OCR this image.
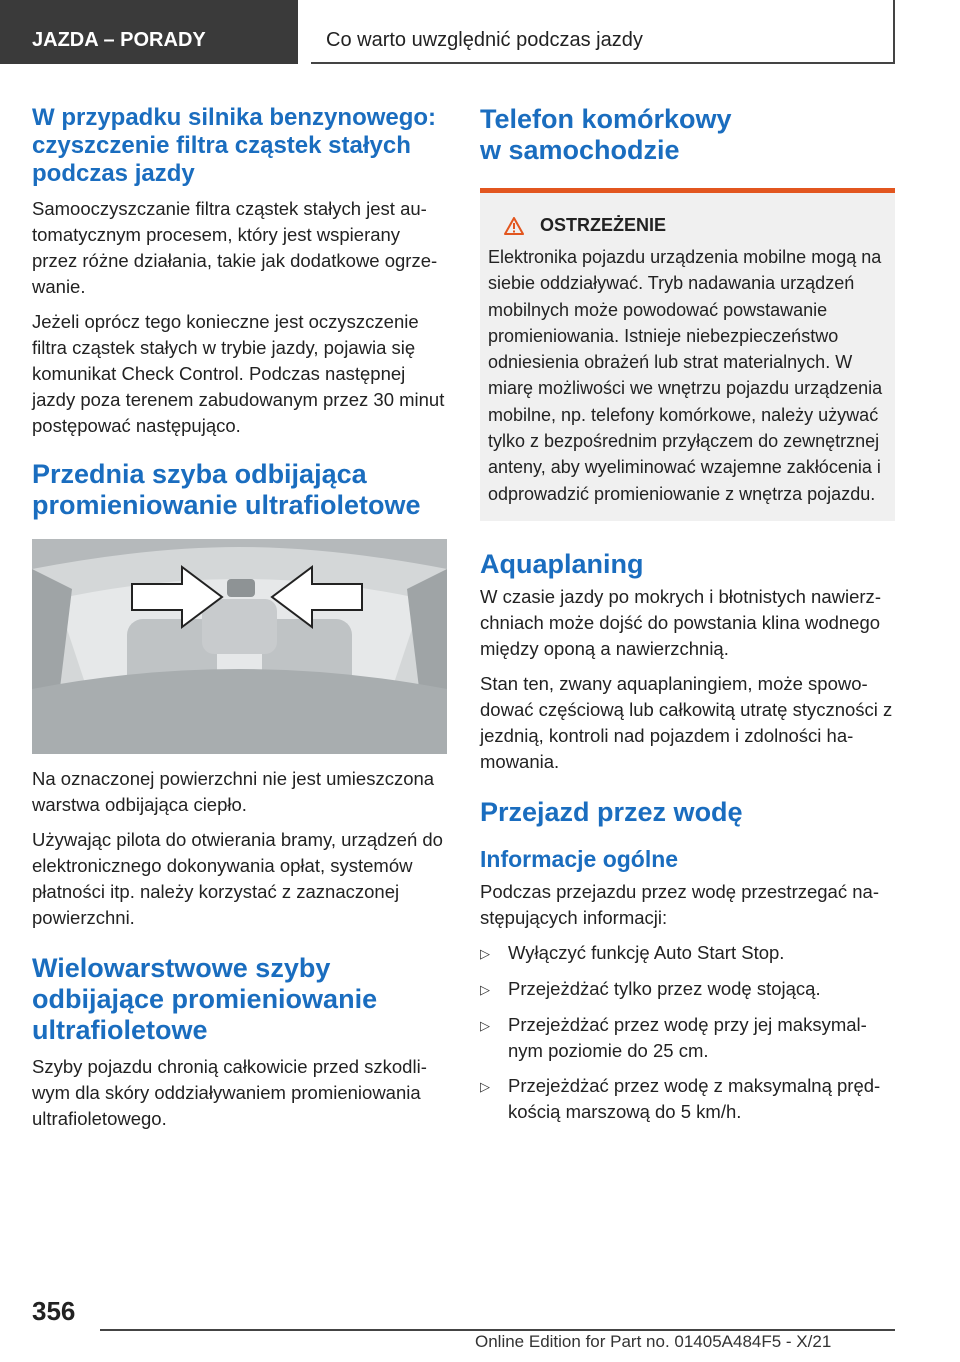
JAZDA – PORADY	Co warto uwzględnić podczas jazdy
W przypadku silnika benzynowego: czyszczenie filtra cząstek stałych podczas jazdy

Samooczyszczanie filtra cząstek stałych jest automatycznym procesem, który jest wspierany przez różne działania, takie jak dodatkowe ogrzewanie.

Jeżeli oprócz tego konieczne jest oczyszczenie filtra cząstek stałych w trybie jazdy, pojawia się komunikat Check Control. Podczas następnej jazdy poza terenem zabudowanym przez 30 minut postępować następująco.

Przednia szyba odbijająca promieniowanie ultrafioletowe

Na oznaczonej powierzchni nie jest umieszczona warstwa odbijająca ciepło.

Używając pilota do otwierania bramy, urządzeń do elektronicznego dokonywania opłat, systemów płatności itp. należy korzystać z zaznaczonej powierzchni.

Wielowarstwowe szyby odbijające promieniowanie ultrafioletowe

Szyby pojazdu chronią całkowicie przed szkodliwym dla skóry oddziaływaniem promieniowania ultrafioletowego.

Telefon komórkowy w samochodzie
OSTRZEŻENIE

Elektronika pojazdu urządzenia mobilne mogą na siebie oddziaływać. Tryb nadawania urządzeń mobilnych może powodować powstawanie promieniowania. Istnieje niebezpieczeństwo odniesienia obrażeń lub strat materialnych. W miarę możliwości we wnętrzu pojazdu urządzenia mobilne, np. telefony komórkowe, należy używać tylko z bezpośrednim przyłączem do zewnętrznej anteny, aby wyeliminować wzajemne zakłócenia i odprowadzić promieniowanie z wnętrza pojazdu.

Aquaplaning

W czasie jazdy po mokrych i błotnistych nawierzchniach może dojść do powstania klina wodnego między oponą a nawierzchnią.

Stan ten, zwany aquaplaningiem, może spowodować częściową lub całkowitą utratę styczności z jezdnią, kontroli nad pojazdem i zdolności hamowania.

Przejazd przez wodę
Informacje ogólne

Podczas przejazdu przez wodę przestrzegać następujących informacji:

▷ Wyłączyć funkcję Auto Start Stop.
▷ Przejeżdżać tylko przez wodę stojącą.
▷ Przejeżdżać przez wodę przy jej maksymalnym poziomie do 25 cm.
▷ Przejeżdżać przez wodę z maksymalną prędkością marszową do 5 km/h.
356
Online Edition for Part no. 01405A484F5 - X/21
